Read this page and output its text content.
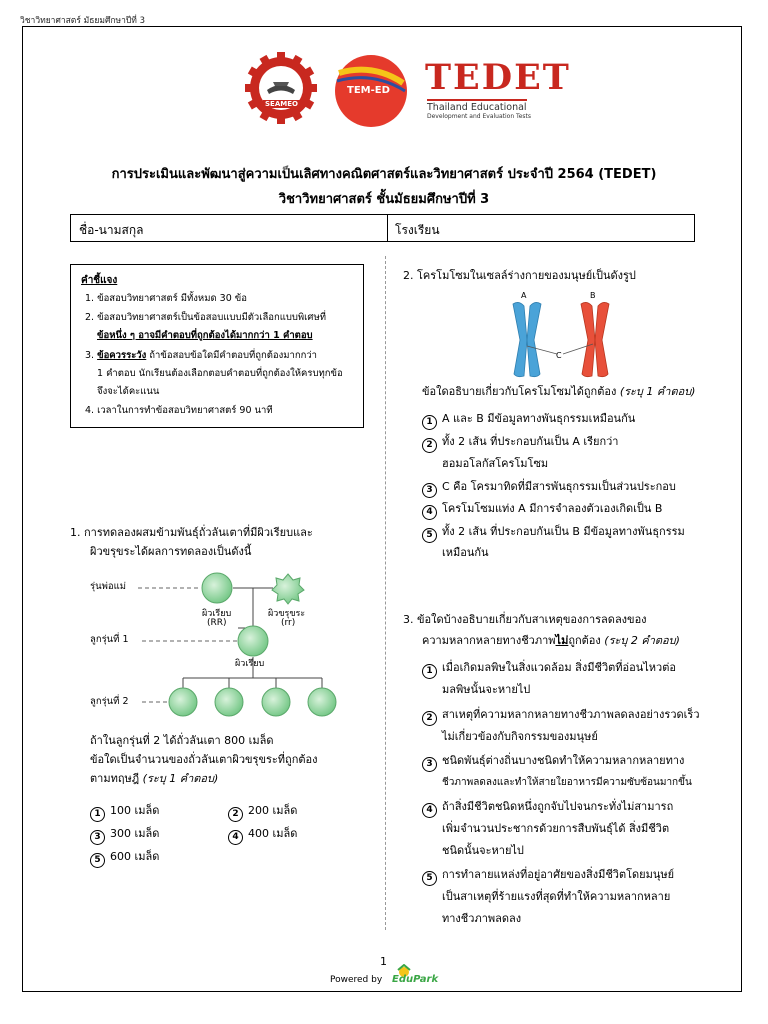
วิชาวิทยาศาสตร์ มัธยมศึกษาปีที่ 3
SEAMEO
TEM-ED TEDET
Thailand Educational
Development and Evaluation Tests
การประเมินและพัฒนาสู่ความเป็นเลิศทางคณิตศาสตร์และวิทยาศาสตร์ ประจำปี 2564 (TEDET)
วิชาวิทยาศาสตร์ ชั้นมัธยมศึกษาปีที่ 3
ชื่อ-นามสกุล	โรงเรียน
คำชี้แจง
1. ข้อสอบวิทยาศาสตร์ มีทั้งหมด 30 ข้อ
2. ข้อสอบวิทยาศาสตร์เป็นข้อสอบแบบมีตัวเลือกแบบพิเศษที่
ข้อหนึ่ง ๆ อาจมีคำตอบที่ถูกต้องได้มากกว่า 1 คำตอบ
3. ข้อควรระวัง ถ้าข้อสอบข้อใดมีคำตอบที่ถูกต้องมากกว่า
1 คำตอบ นักเรียนต้องเลือกตอบคำตอบที่ถูกต้องให้ครบทุกข้อ
จึงจะได้คะแนน
4. เวลาในการทำข้อสอบวิทยาศาสตร์ 90 นาที
1. การทดลองผสมข้ามพันธุ์ถั่วลันเตาที่มีผิวเรียบและ
ผิวขรุขระได้ผลการทดลองเป็นดังนี้
รุ่นพ่อแม่
ผิวเรียบ
(RR)
ผิวขรุขระ
(rr)
ลูกรุ่นที่ 1
ผิวเรียบ
ลูกรุ่นที่ 2
ถ้าในลูกรุ่นที่ 2 ได้ถั่วลันเตา 800 เมล็ด
ข้อใดเป็นจำนวนของถั่วลันเตาผิวขรุขระที่ถูกต้อง
ตามทฤษฎี (ระบุ 1 คำตอบ)
1 100 เมล็ด	2 200 เมล็ด
3 300 เมล็ด	4 400 เมล็ด
5 600 เมล็ด
2. โครโมโซมในเซลล์ร่างกายของมนุษย์เป็นดังรูป
A	B
C
ข้อใดอธิบายเกี่ยวกับโครโมโซมได้ถูกต้อง (ระบุ 1 คำตอบ)
1 A และ B มีข้อมูลทางพันธุกรรมเหมือนกัน
2 ทั้ง 2 เส้น ที่ประกอบกันเป็น A เรียกว่า
ฮอมอโลกัสโครโมโซม
3 C คือ โครมาทิดที่มีสารพันธุกรรมเป็นส่วนประกอบ
4 โครโมโซมแท่ง A มีการจำลองตัวเองเกิดเป็น B
5 ทั้ง 2 เส้น ที่ประกอบกันเป็น B มีข้อมูลทางพันธุกรรม
เหมือนกัน
3. ข้อใดบ้างอธิบายเกี่ยวกับสาเหตุของการลดลงของ
ความหลากหลายทางชีวภาพไม่ถูกต้อง (ระบุ 2 คำตอบ)
1 เมื่อเกิดมลพิษในสิ่งแวดล้อม สิ่งมีชีวิตที่อ่อนไหวต่อ
มลพิษนั้นจะหายไป
2 สาเหตุที่ความหลากหลายทางชีวภาพลดลงอย่างรวดเร็ว
ไม่เกี่ยวข้องกับกิจกรรมของมนุษย์
3 ชนิดพันธุ์ต่างถิ่นบางชนิดทำให้ความหลากหลายทาง
ชีวภาพลดลงและทำให้สายใยอาหารมีความซับซ้อนมากขึ้น
4 ถ้าสิ่งมีชีวิตชนิดหนึ่งถูกจับไปจนกระทั่งไม่สามารถ
เพิ่มจำนวนประชากรด้วยการสืบพันธุ์ได้ สิ่งมีชีวิต
ชนิดนั้นจะหายไป
5 การทำลายแหล่งที่อยู่อาศัยของสิ่งมีชีวิตโดยมนุษย์
เป็นสาเหตุที่ร้ายแรงที่สุดที่ทำให้ความหลากหลาย
ทางชีวภาพลดลง
1
Powered by EduPark
